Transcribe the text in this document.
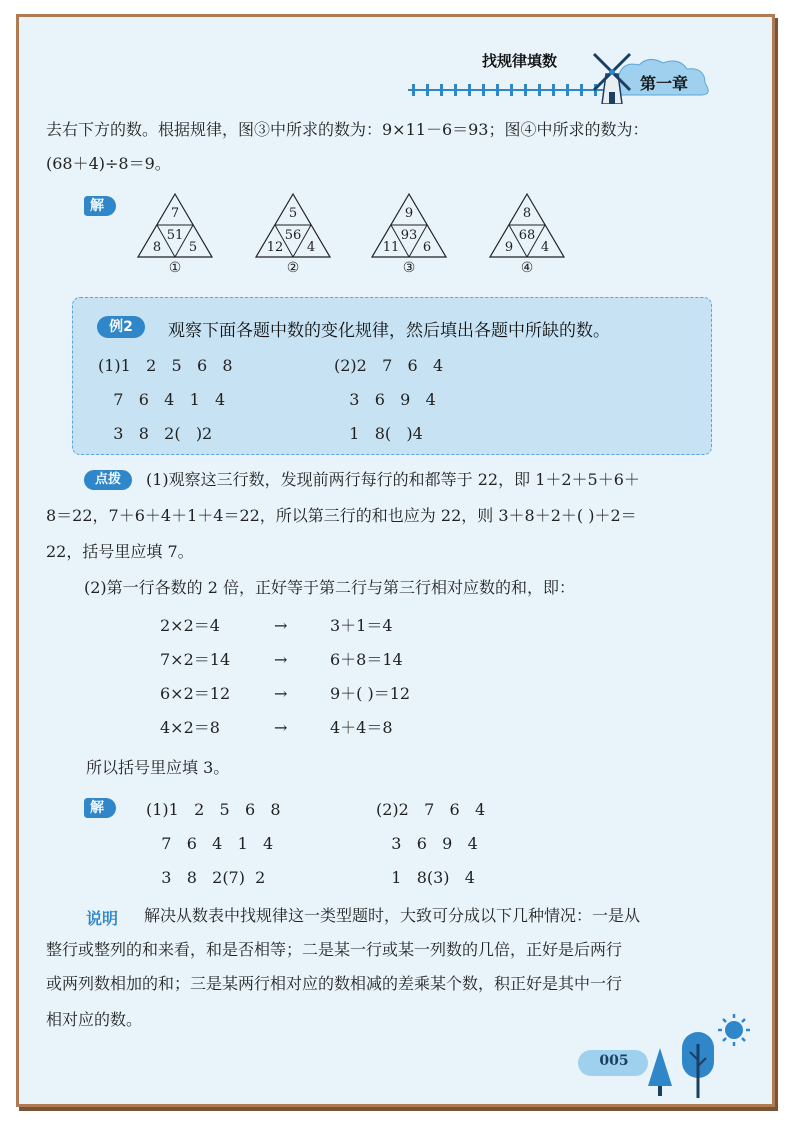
找规律填数
第一章
去右下方的数。根据规律，图③中所求的数为：9×11－6＝93；图④中所求的数为：
(68＋4)÷8＝9。
解	7
51
8	5
①
5
56
12	4
②
9
93
11	6
③
8
68
9	4
④
例2	观察下面各题中数的变化规律，然后填出各题中所缺的数。
(1)1   2   5   6   8
7   6   4   1   4
3   8   2(   )2
(2)2   7   6   4
3   6   9   4
1   8(   )4
点拨	(1)观察这三行数，发现前两行每行的和都等于 22，即 1＋2＋5＋6＋
8＝22，7＋6＋4＋1＋4＝22，所以第三行的和也应为 22，则 3＋8＋2＋( )＋2＝
22，括号里应填 7。
(2)第一行各数的 2 倍，正好等于第二行与第三行相对应数的和，即：
2×2＝4	→	3＋1＝4
7×2＝14	→	6＋8＝14
6×2＝12	→	9＋( )＝12
4×2＝8	→	4＋4＝8
所以括号里应填 3。
解	(1)1   2   5   6   8
7   6   4   1   4
3   8   2(7)  2
(2)2   7   6   4
3   6   9   4
1   8(3)   4
说明 解决从数表中找规律这一类型题时，大致可分成以下几种情况：一是从
整行或整列的和来看，和是否相等；二是某一行或某一列数的几倍，正好是后两行
或两列数相加的和；三是某两行相对应的数相减的差乘某个数，积正好是其中一行
相对应的数。
005
